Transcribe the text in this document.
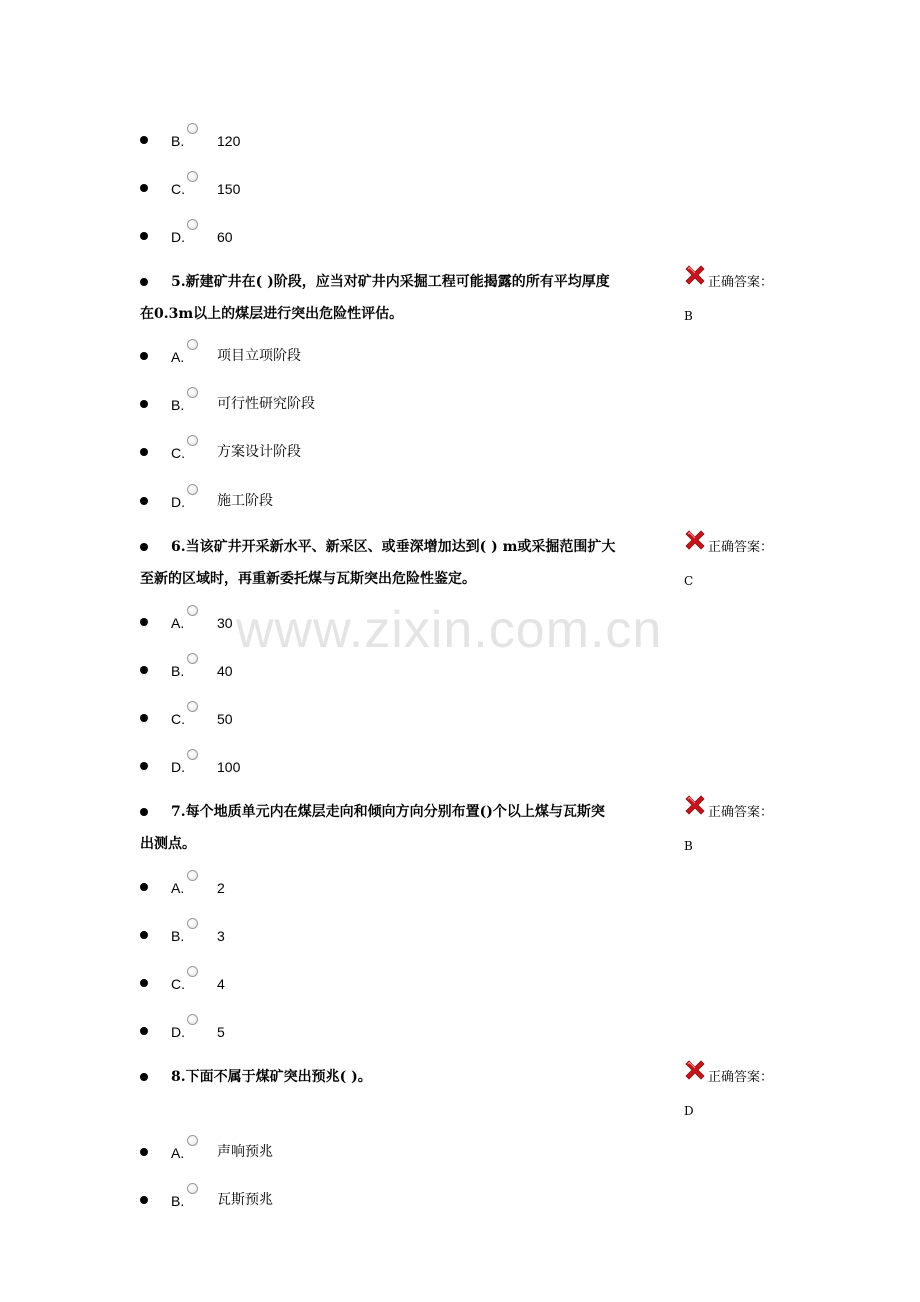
www.zixin.com.cn
B. 120
C. 150
D. 60
5.新建矿井在( )阶段，应当对矿井内采掘工程可能揭露的所有平均厚度
在0.3m以上的煤层进行突出危险性评估。
正确答案：
B
A. 项目立项阶段
B. 可行性研究阶段
C. 方案设计阶段
D. 施工阶段
6.当该矿井开采新水平、新采区、或垂深增加达到( ) m或采掘范围扩大
至新的区域时，再重新委托煤与瓦斯突出危险性鉴定。
正确答案：
C
A. 30
B. 40
C. 50
D. 100
7.每个地质单元内在煤层走向和倾向方向分别布置()个以上煤与瓦斯突
出测点。
正确答案：
B
A. 2
B. 3
C. 4
D. 5
8.下面不属于煤矿突出预兆( )。	正确答案：
D
A. 声响预兆
B. 瓦斯预兆
